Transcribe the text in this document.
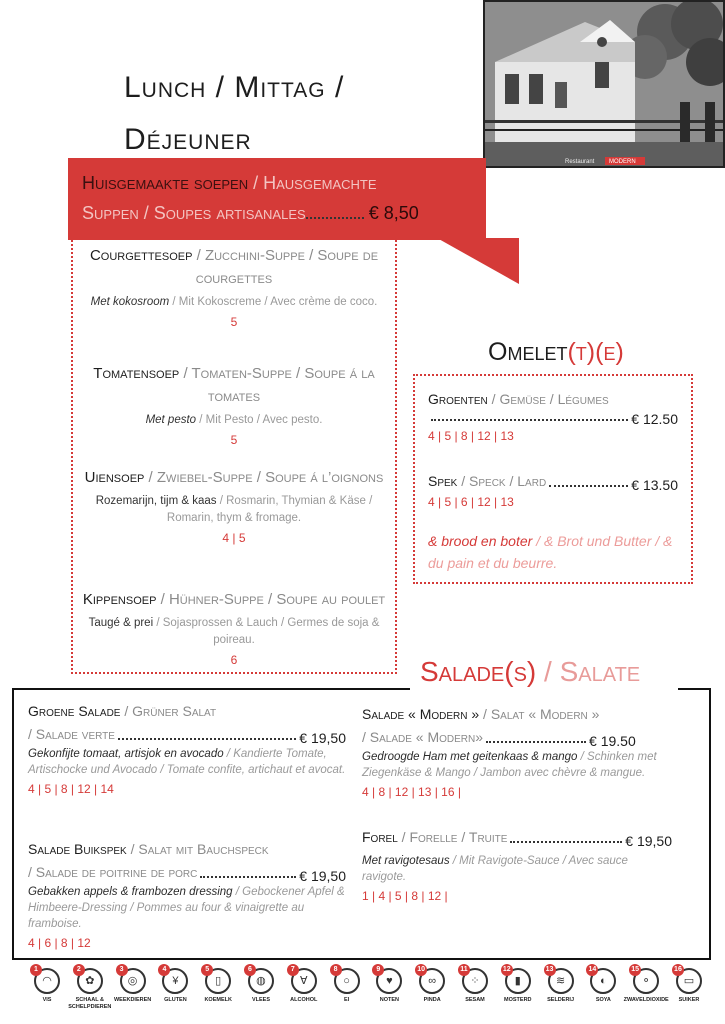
Lunch / Mittag /
Déjeuner
Restaurant MODERN
Huisgemaakte soepen / Hausgemachte
Suppen / Soupes artisanales	€ 8,50
Courgettesoep / Zucchini-Suppe / Soupe de courgettes
Met kokosroom / Mit Kokoscreme / Avec crème de coco.
5
Tomatensoep / Tomaten-Suppe / Soupe á la tomates
Met pesto / Mit Pesto / Avec pesto.
5
Uiensoep / Zwiebel-Suppe / Soupe á l’oignons
Rozemarijn, tijm & kaas / Rosmarin, Thymian & Käse / Romarin, thym & fromage.
4 | 5
Kippensoep / Hühner-Suppe / Soupe au poulet
Taugé & prei / Sojasprossen & Lauch / Germes de soja & poireau.
6
Omelet(t)(e)
Groenten / Gemüse / Légumes
€ 12.50
4 | 5 | 8 | 12 | 13
Spek / Speck / Lard	€ 13.50
4 | 5 | 6 | 12 | 13
& brood en boter / & Brot und Butter / & du pain et du beurre.
Salade(s) / Salate
Groene Salade / Grüner Salat
/ Salade verte	€ 19,50
Gekonfijte tomaat, artisjok en avocado / Kandierte Tomate, Artischocke und Avocado / Tomate confite, artichaut et avocat.
4 | 5 | 8 | 12 | 14
Salade Buikspek / Salat mit Bauchspeck
/ Salade de poitrine de porc	€ 19,50
Gebakken appels & frambozen dressing / Gebockener Apfel & Himbeere-Dressing / Pommes au four & vinaigrette au framboise.
4 | 6 | 8 | 12
Salade « Modern » / Salat « Modern »
/ Salade « Modern»	€ 19.50
Gedroogde Ham met geitenkaas & mango / Schinken met Ziegenkäse & Mango / Jambon avec chèvre & mangue.
4 | 8 | 12 | 13 | 16 |
Forel / Forelle / Truite	€ 19,50
Met ravigotesaus / Mit Ravigote-Sauce / Avec sauce ravigote.
1 | 4 | 5 | 8 | 12 |
1
◠
VIS
2
✿
SCHAAL & SCHELPDIEREN
3
◎
WEEKDIEREN
4
¥
GLUTEN
5
▯
KOEMELK
6
◍
VLEES
7
∀
ALCOHOL
8
○
EI
9
♥
NOTEN
10
∞
PINDA
11
⁘
SESAM
12
▮
MOSTERD
13
≋
SELDERIJ
14
◐
SOYA
15
⚬
ZWAVELDIOXIDE
16
▭
SUIKER
